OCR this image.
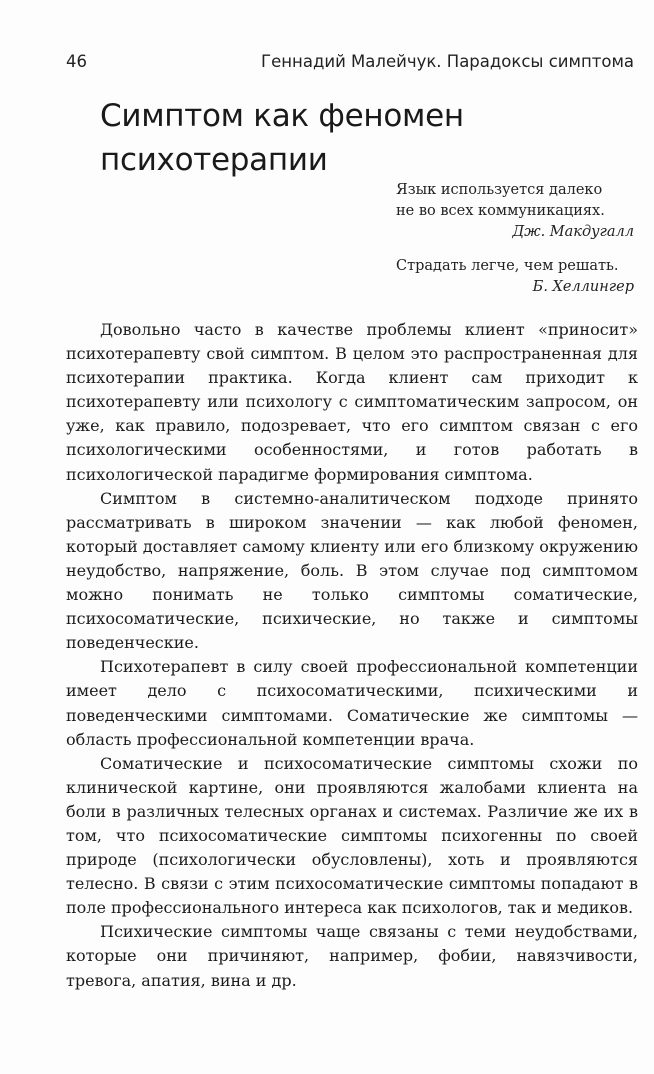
46	Геннадий Малейчук. Парадоксы симптома
Симптом как феномен
психотерапии
Язык используется далеко
не во всех коммуникациях.
Дж. Макдугалл
Страдать легче, чем решать.
Б. Хеллингер

Довольно часто в качестве проблемы клиент «приносит» психотерапевту свой симптом. В целом это распространенная для психотерапии практика. Когда клиент сам приходит к психотерапевту или психологу с симптоматическим запросом, он уже, как правило, подозревает, что его симптом связан с его психологическими особенностями, и готов работать в психологической парадигме формирования симптома.

Симптом в системно-аналитическом подходе принято рассматривать в широком значении — как любой феномен, который доставляет самому клиенту или его близкому окружению неудобство, напряжение, боль. В этом случае под симптомом можно понимать не только симптомы соматические, психосоматические, психические, но также и симптомы поведенческие.

Психотерапевт в силу своей профессиональной компетенции имеет дело с психосоматическими, психическими и поведенческими симптомами. Соматические же симптомы — область профессиональной компетенции врача.

Соматические и психосоматические симптомы схожи по клинической картине, они проявляются жалобами клиента на боли в различных телесных органах и системах. Различие же их в том, что психосоматические симптомы психогенны по своей природе (психологически обусловлены), хоть и проявляются телесно. В связи с этим психосоматические симптомы попадают в поле профессионального интереса как психологов, так и медиков.

Психические симптомы чаще связаны с теми неудобствами, которые они причиняют, например, фобии, навязчивости, тревога, апатия, вина и др.
